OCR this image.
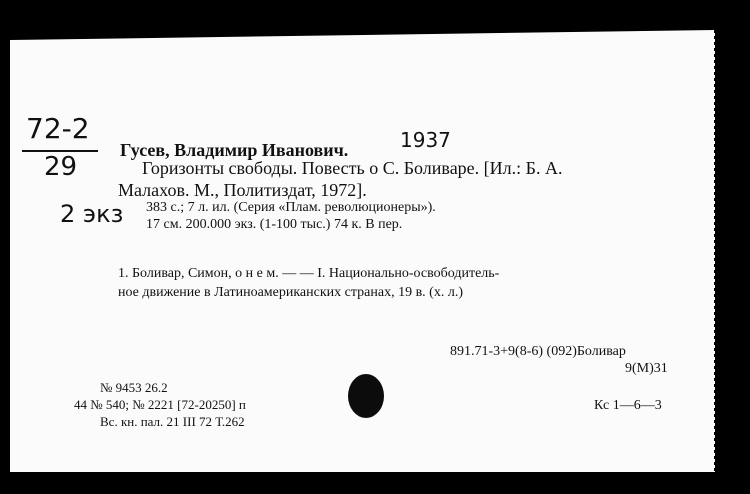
72-2
29
Гусев, Владимир Иванович.	1937
Горизонты свободы. Повесть о С. Боливаре. [Ил.: Б. А.
Малахов. М., Политиздат, 1972].
2 экз 383 с.; 7 л. ил. (Серия «Плам. революционеры»).
17 см. 200.000 экз. (1-100 тыс.) 74 к. В пер.
1. Боливар, Симон, о н е м. — — I. Национально-освободитель-
ное движение в Латиноамериканских странах, 19 в. (х. л.)
891.71-3+9(8-6) (092)Боливар
9(М)31
№ 9453 26.2
44 № 540; № 2221 [72-20250] п
Вс. кн. пал. 21 III 72 Т.262
Кс 1—6—3
